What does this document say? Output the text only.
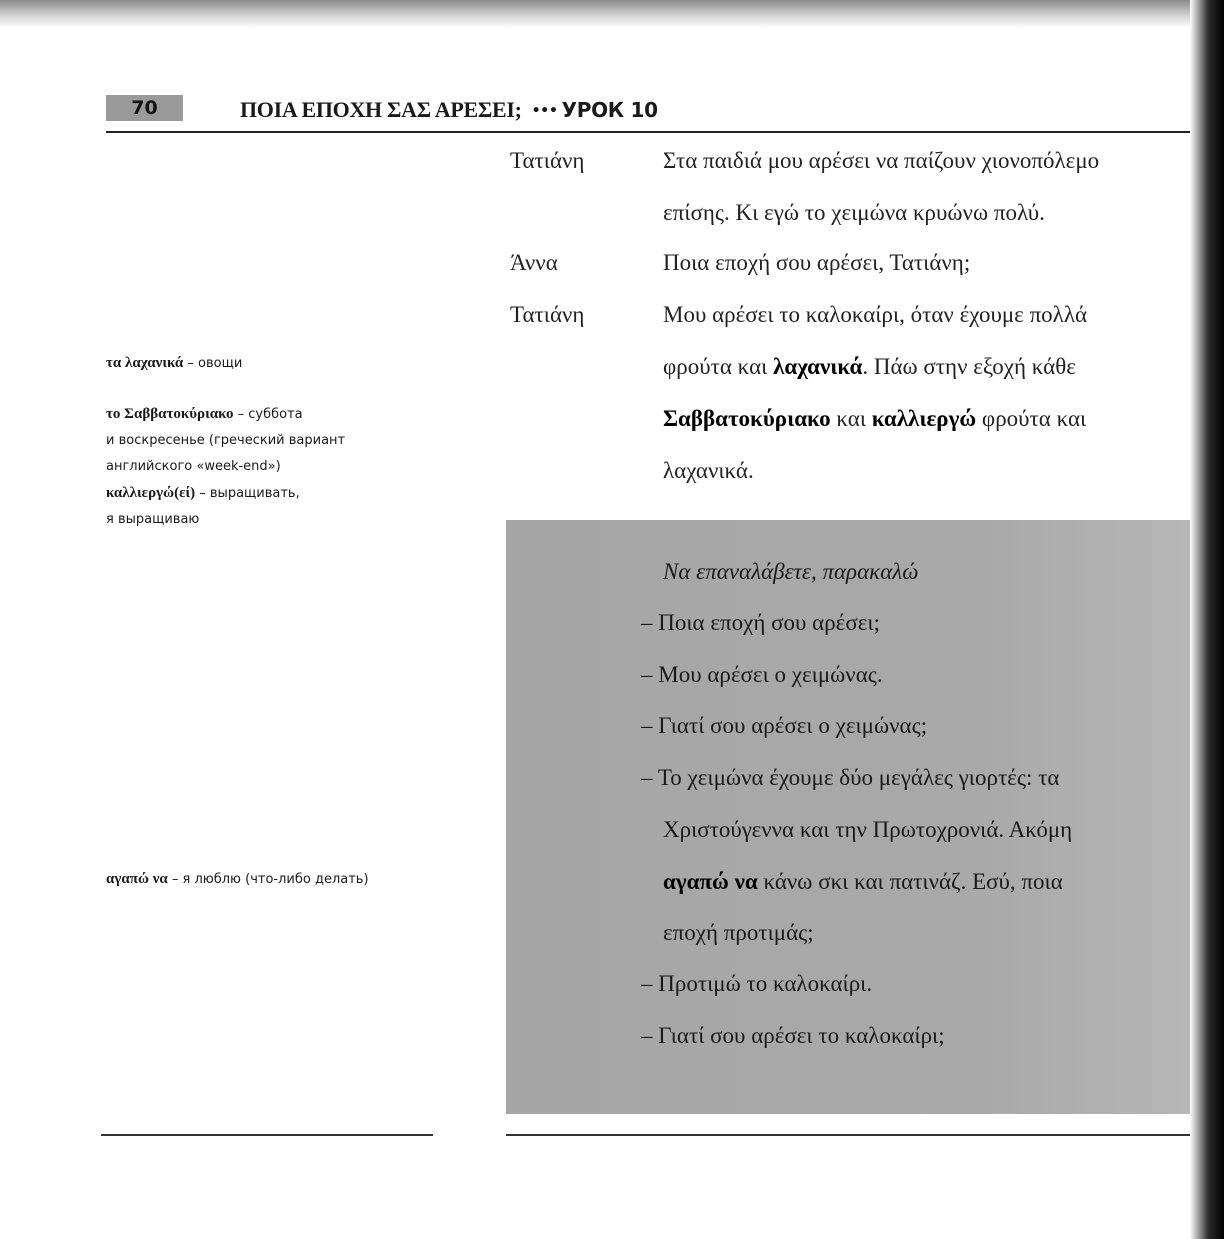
70	ΠΟΙΑ ΕΠΟΧΗ ΣΑΣ ΑΡΕΣΕΙ; ••• УРОК 10
Τατιάνη	Στα παιδιά μου αρέσει να παίζουν χιονοπόλεμο
επίσης. Κι εγώ το χειμώνα κρυώνω πολύ.
Άννα	Ποια εποχή σου αρέσει, Τατιάνη;
Τατιάνη	Μου αρέσει το καλοκαίρι, όταν έχουμε πολλά
φρούτα και λαχανικά. Πάω στην εξοχή κάθε
Σαββατοκύριακο και καλλιεργώ φρούτα και
λαχανικά.
τα λαχανικά – овощи
το Σαββατοκύριακο – суббота
и воскресенье (греческий вариант
английского «week-end»)
καλλιεργώ(εί) – выращивать,
я выращиваю
αγαπώ να – я люблю (что-либо делать)
Να επαναλάβετε, παρακαλώ
– Ποια εποχή σου αρέσει;
– Μου αρέσει ο χειμώνας.
– Γιατί σου αρέσει ο χειμώνας;
– Το χειμώνα έχουμε δύο μεγάλες γιορτές: τα
Χριστούγεννα και την Πρωτοχρονιά. Ακόμη
αγαπώ να κάνω σκι και πατινάζ. Εσύ, ποια
εποχή προτιμάς;
– Προτιμώ το καλοκαίρι.
– Γιατί σου αρέσει το καλοκαίρι;
